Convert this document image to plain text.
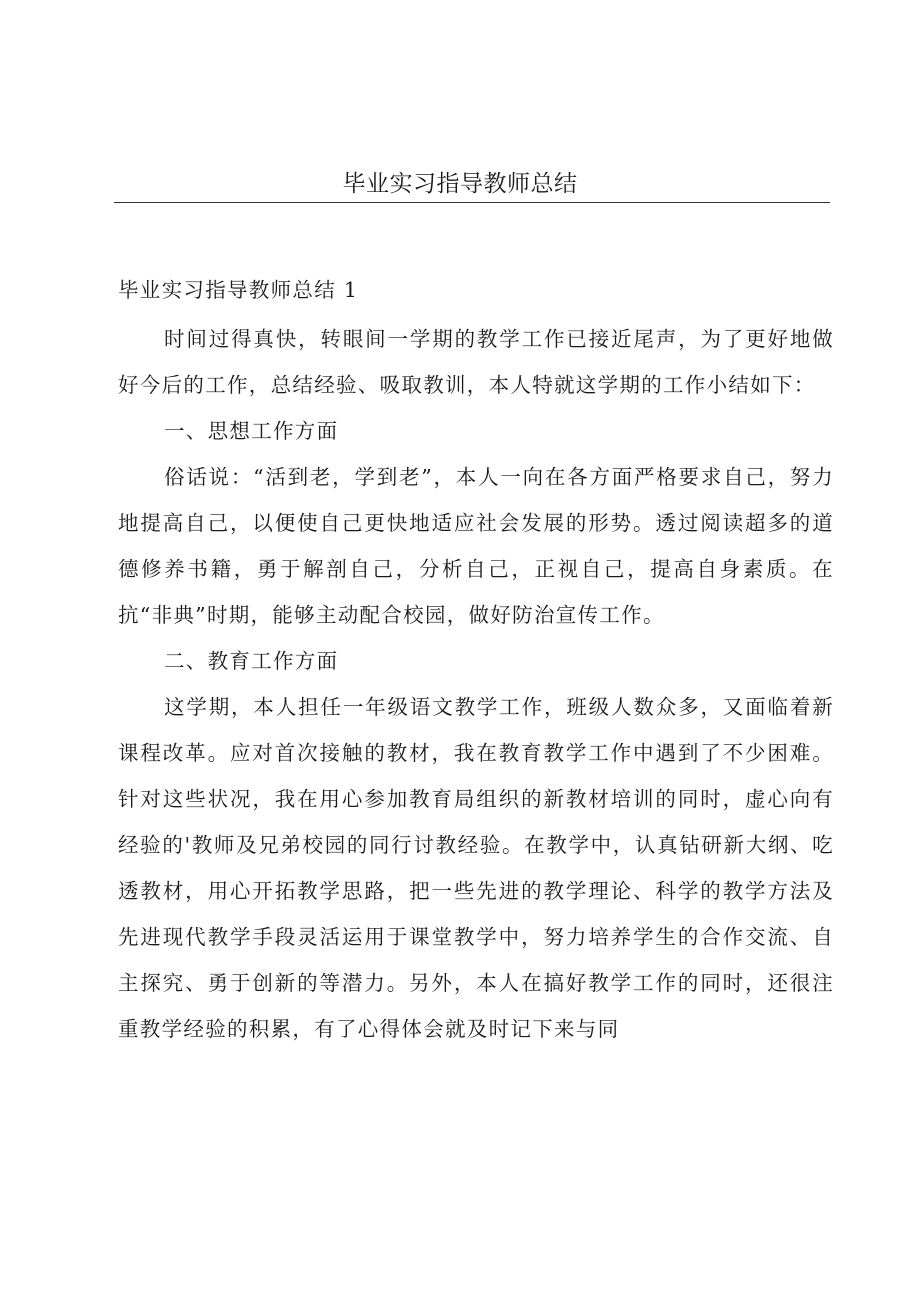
毕业实习指导教师总结

毕业实习指导教师总结 1

时间过得真快，转眼间一学期的教学工作已接近尾声，为了更好地做好今后的工作，总结经验、吸取教训，本人特就这学期的工作小结如下：

一、思想工作方面

俗话说：“活到老，学到老”，本人一向在各方面严格要求自己，努力地提高自己，以便使自己更快地适应社会发展的形势。透过阅读超多的道德修养书籍，勇于解剖自己，分析自己，正视自己，提高自身素质。在抗“非典”时期，能够主动配合校园，做好防治宣传工作。

二、教育工作方面

这学期，本人担任一年级语文教学工作，班级人数众多，又面临着新课程改革。应对首次接触的教材，我在教育教学工作中遇到了不少困难。针对这些状况，我在用心参加教育局组织的新教材培训的同时，虚心向有经验的'教师及兄弟校园的同行讨教经验。在教学中，认真钻研新大纲、吃透教材，用心开拓教学思路，把一些先进的教学理论、科学的教学方法及先进现代教学手段灵活运用于课堂教学中，努力培养学生的合作交流、自主探究、勇于创新的等潜力。另外，本人在搞好教学工作的同时，还很注重教学经验的积累，有了心得体会就及时记下来与同
